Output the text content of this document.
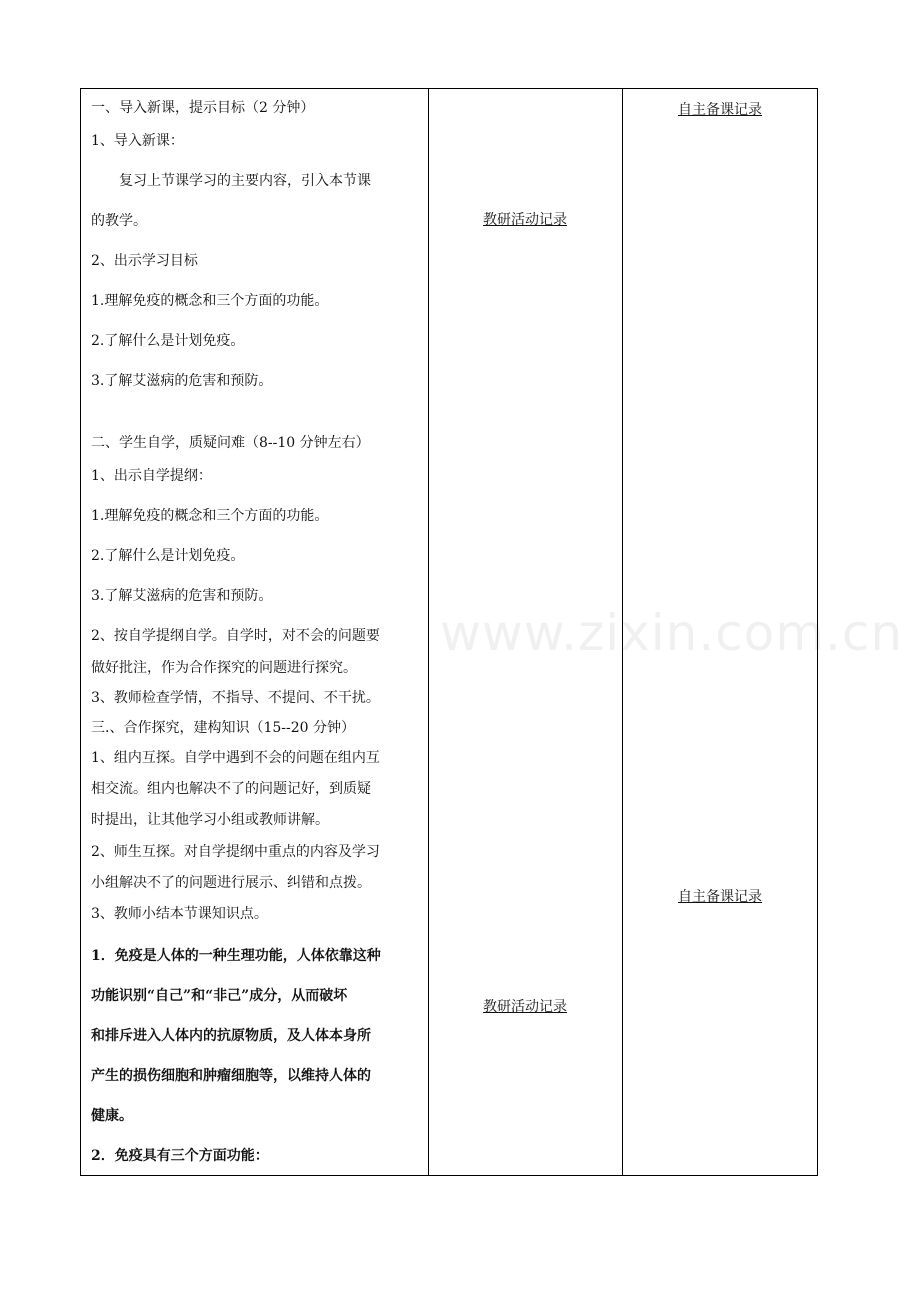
一、导入新课，提示目标（2 分钟）
1、导入新课：
　　复习上节课学习的主要内容，引入本节课
的教学。
2、出示学习目标
1.理解免疫的概念和三个方面的功能。
2.了解什么是计划免疫。
3.了解艾滋病的危害和预防。
二、学生自学，质疑问难（8--10 分钟左右）
1、出示自学提纲：
1.理解免疫的概念和三个方面的功能。
2.了解什么是计划免疫。
3.了解艾滋病的危害和预防。
2、按自学提纲自学。自学时，对不会的问题要
做好批注，作为合作探究的问题进行探究。
3、教师检查学情，不指导、不提问、不干扰。
三.、合作探究，建构知识（15--20 分钟）
1、组内互探。自学中遇到不会的问题在组内互
相交流。组内也解决不了的问题记好，到质疑
时提出，让其他学习小组或教师讲解。
2、师生互探。对自学提纲中重点的内容及学习
小组解决不了的问题进行展示、纠错和点拨。
3、教师小结本节课知识点。
1．免疫是人体的一种生理功能，人体依靠这种
功能识别“自己”和“非己”成分，从而破坏
和排斥进入人体内的抗原物质，及人体本身所
产生的损伤细胞和肿瘤细胞等，以维持人体的
健康。
2．免疫具有三个方面功能：
教研活动记录
教研活动记录
自主备课记录
自主备课记录
www.zixin.com.cn
